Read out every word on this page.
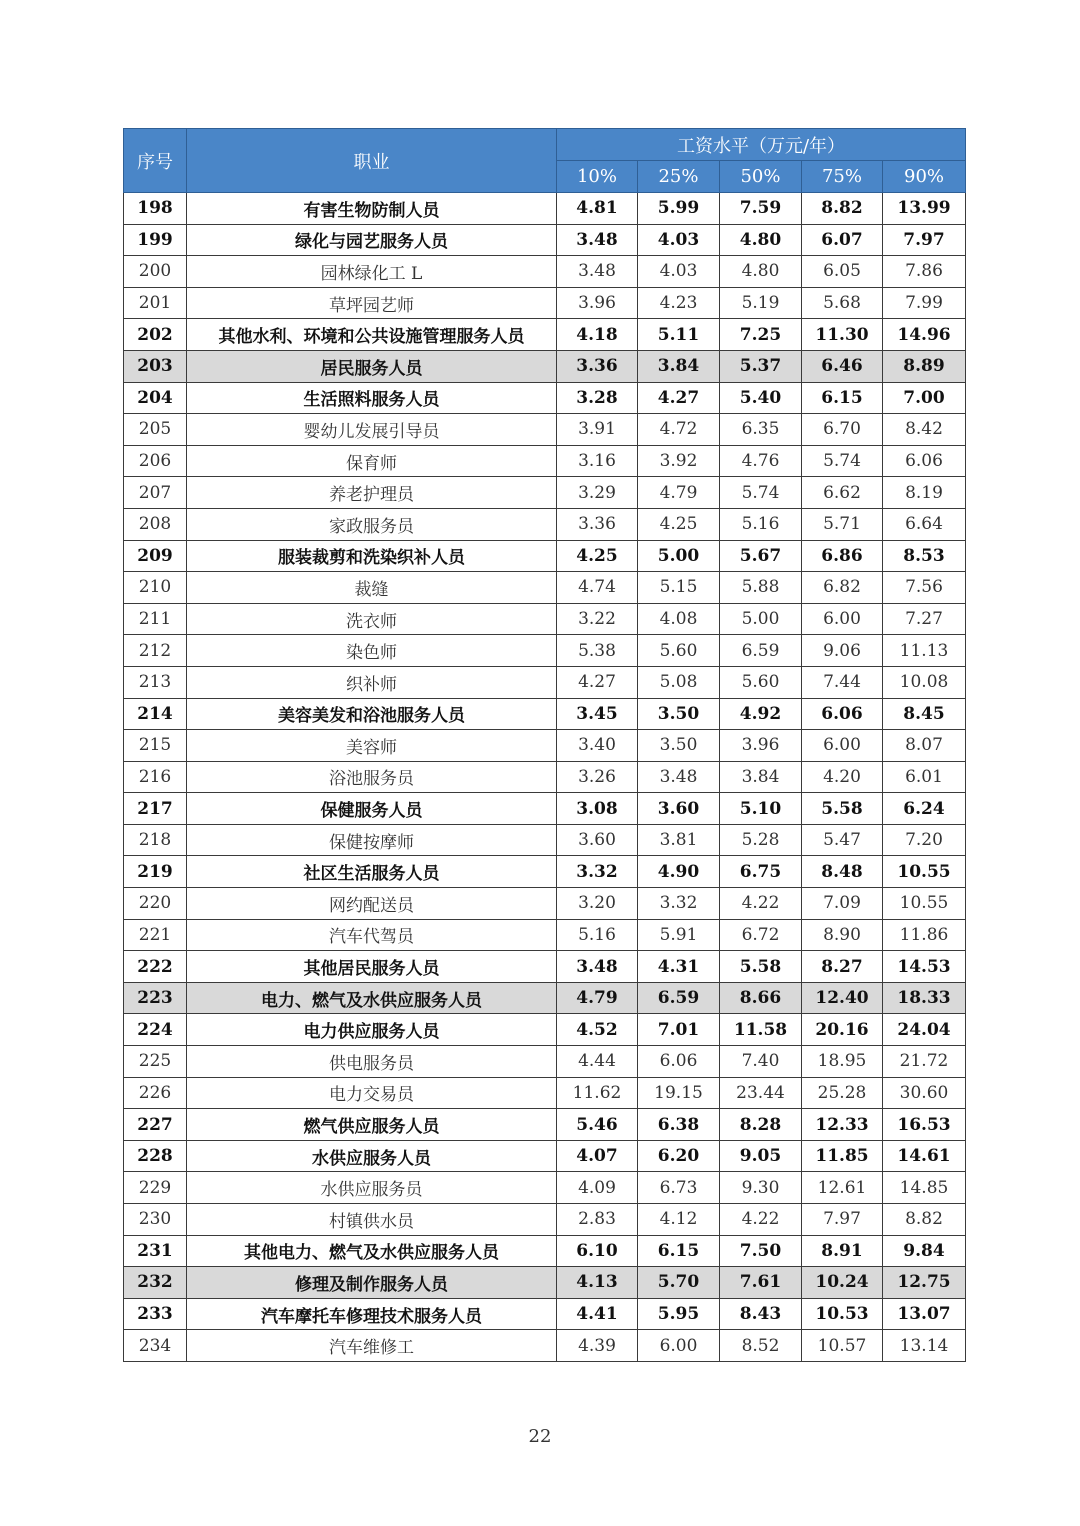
序号	职业	工资水平（万元/年）				
		10%	25%	50%	75%	90%
198	有害生物防制人员	4.81	5.99	7.59	8.82	13.99
199	绿化与园艺服务人员	3.48	4.03	4.80	6.07	7.97
200	园林绿化工 L	3.48	4.03	4.80	6.05	7.86
201	草坪园艺师	3.96	4.23	5.19	5.68	7.99
202	其他水利、环境和公共设施管理服务人员	4.18	5.11	7.25	11.30	14.96
203	居民服务人员	3.36	3.84	5.37	6.46	8.89
204	生活照料服务人员	3.28	4.27	5.40	6.15	7.00
205	婴幼儿发展引导员	3.91	4.72	6.35	6.70	8.42
206	保育师	3.16	3.92	4.76	5.74	6.06
207	养老护理员	3.29	4.79	5.74	6.62	8.19
208	家政服务员	3.36	4.25	5.16	5.71	6.64
209	服装裁剪和洗染织补人员	4.25	5.00	5.67	6.86	8.53
210	裁缝	4.74	5.15	5.88	6.82	7.56
211	洗衣师	3.22	4.08	5.00	6.00	7.27
212	染色师	5.38	5.60	6.59	9.06	11.13
213	织补师	4.27	5.08	5.60	7.44	10.08
214	美容美发和浴池服务人员	3.45	3.50	4.92	6.06	8.45
215	美容师	3.40	3.50	3.96	6.00	8.07
216	浴池服务员	3.26	3.48	3.84	4.20	6.01
217	保健服务人员	3.08	3.60	5.10	5.58	6.24
218	保健按摩师	3.60	3.81	5.28	5.47	7.20
219	社区生活服务人员	3.32	4.90	6.75	8.48	10.55
220	网约配送员	3.20	3.32	4.22	7.09	10.55
221	汽车代驾员	5.16	5.91	6.72	8.90	11.86
222	其他居民服务人员	3.48	4.31	5.58	8.27	14.53
223	电力、燃气及水供应服务人员	4.79	6.59	8.66	12.40	18.33
224	电力供应服务人员	4.52	7.01	11.58	20.16	24.04
225	供电服务员	4.44	6.06	7.40	18.95	21.72
226	电力交易员	11.62	19.15	23.44	25.28	30.60
227	燃气供应服务人员	5.46	6.38	8.28	12.33	16.53
228	水供应服务人员	4.07	6.20	9.05	11.85	14.61
229	水供应服务员	4.09	6.73	9.30	12.61	14.85
230	村镇供水员	2.83	4.12	4.22	7.97	8.82
231	其他电力、燃气及水供应服务人员	6.10	6.15	7.50	8.91	9.84
232	修理及制作服务人员	4.13	5.70	7.61	10.24	12.75
233	汽车摩托车修理技术服务人员	4.41	5.95	8.43	10.53	13.07
234	汽车维修工	4.39	6.00	8.52	10.57	13.14
22
